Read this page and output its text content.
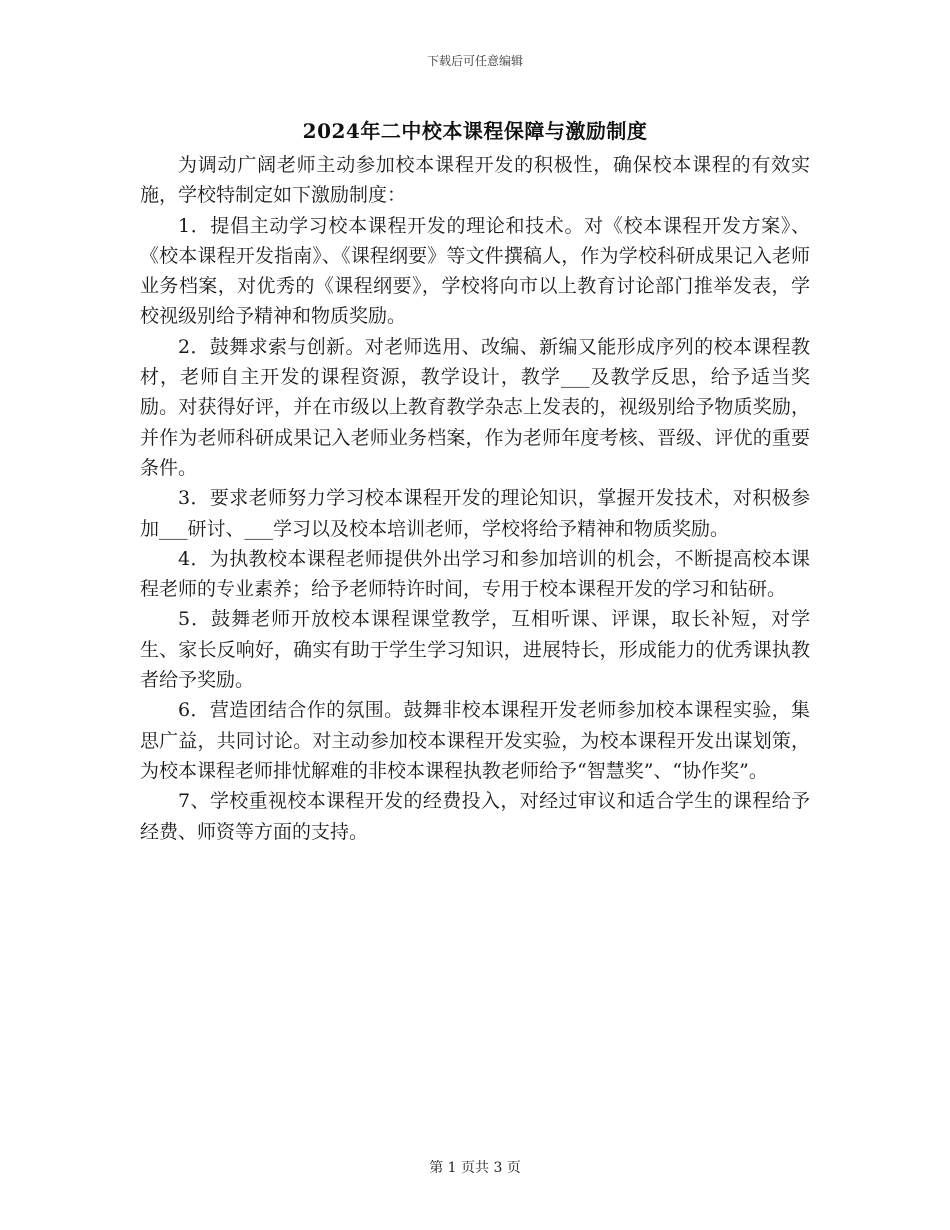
下载后可任意编辑
2024年二中校本课程保障与激励制度

为调动广阔老师主动参加校本课程开发的积极性，确保校本课程的有效实施，学校特制定如下激励制度：

1．提倡主动学习校本课程开发的理论和技术。对《校本课程开发方案》、《校本课程开发指南》、《课程纲要》等文件撰稿人，作为学校科研成果记入老师业务档案，对优秀的《课程纲要》，学校将向市以上教育讨论部门推举发表，学校视级别给予精神和物质奖励。

2．鼓舞求索与创新。对老师选用、改编、新编又能形成序列的校本课程教材，老师自主开发的课程资源，教学设计，教学___及教学反思，给予适当奖励。对获得好评，并在市级以上教育教学杂志上发表的，视级别给予物质奖励，并作为老师科研成果记入老师业务档案，作为老师年度考核、晋级、评优的重要条件。

3．要求老师努力学习校本课程开发的理论知识，掌握开发技术，对积极参加___研讨、___学习以及校本培训老师，学校将给予精神和物质奖励。

4．为执教校本课程老师提供外出学习和参加培训的机会，不断提高校本课程老师的专业素养；给予老师特许时间，专用于校本课程开发的学习和钻研。

5．鼓舞老师开放校本课程课堂教学，互相听课、评课，取长补短，对学生、家长反响好，确实有助于学生学习知识，进展特长，形成能力的优秀课执教者给予奖励。

6．营造团结合作的氛围。鼓舞非校本课程开发老师参加校本课程实验，集思广益，共同讨论。对主动参加校本课程开发实验，为校本课程开发出谋划策，为校本课程老师排忧解难的非校本课程执教老师给予“智慧奖”、“协作奖”。

7、学校重视校本课程开发的经费投入，对经过审议和适合学生的课程给予经费、师资等方面的支持。

第 1 页共 3 页
